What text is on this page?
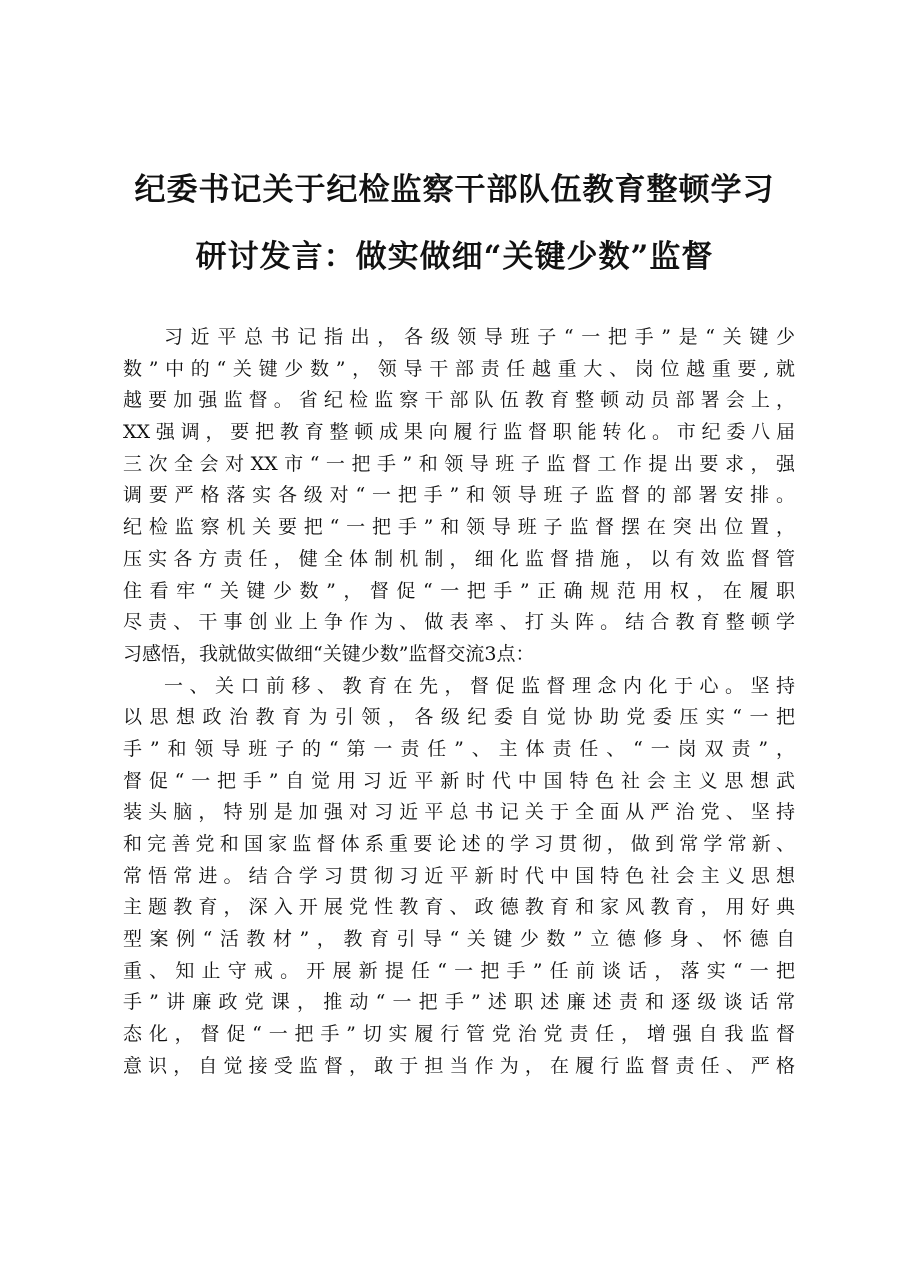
纪委书记关于纪检监察干部队伍教育整顿学习
研讨发言：做实做细“关键少数”监督
习近平总书记指出，各级领导班子“一把手”是“关键少
数”中的“关键少数”，领导干部责任越重大、岗位越重要,就
越要加强监督。省纪检监察干部队伍教育整顿动员部署会上，
XX强调，要把教育整顿成果向履行监督职能转化。市纪委八届
三次全会对XX市“一把手”和领导班子监督工作提出要求，强
调要严格落实各级对“一把手”和领导班子监督的部署安排。
纪检监察机关要把“一把手”和领导班子监督摆在突出位置，
压实各方责任，健全体制机制，细化监督措施，以有效监督管
住看牢“关键少数”，督促“一把手”正确规范用权，在履职
尽责、干事创业上争作为、做表率、打头阵。结合教育整顿学
习感悟，我就做实做细“关键少数”监督交流3点：
一、关口前移、教育在先，督促监督理念内化于心。坚持
以思想政治教育为引领，各级纪委自觉协助党委压实“一把
手”和领导班子的“第一责任”、主体责任、“一岗双责”，
督促“一把手”自觉用习近平新时代中国特色社会主义思想武
装头脑，特别是加强对习近平总书记关于全面从严治党、坚持
和完善党和国家监督体系重要论述的学习贯彻，做到常学常新、
常悟常进。结合学习贯彻习近平新时代中国特色社会主义思想
主题教育，深入开展党性教育、政德教育和家风教育，用好典
型案例“活教材”，教育引导“关键少数”立德修身、怀德自
重、知止守戒。开展新提任“一把手”任前谈话，落实“一把
手”讲廉政党课，推动“一把手”述职述廉述责和逐级谈话常
态化，督促“一把手”切实履行管党治党责任，增强自我监督
意识，自觉接受监督，敢于担当作为，在履行监督责任、严格
